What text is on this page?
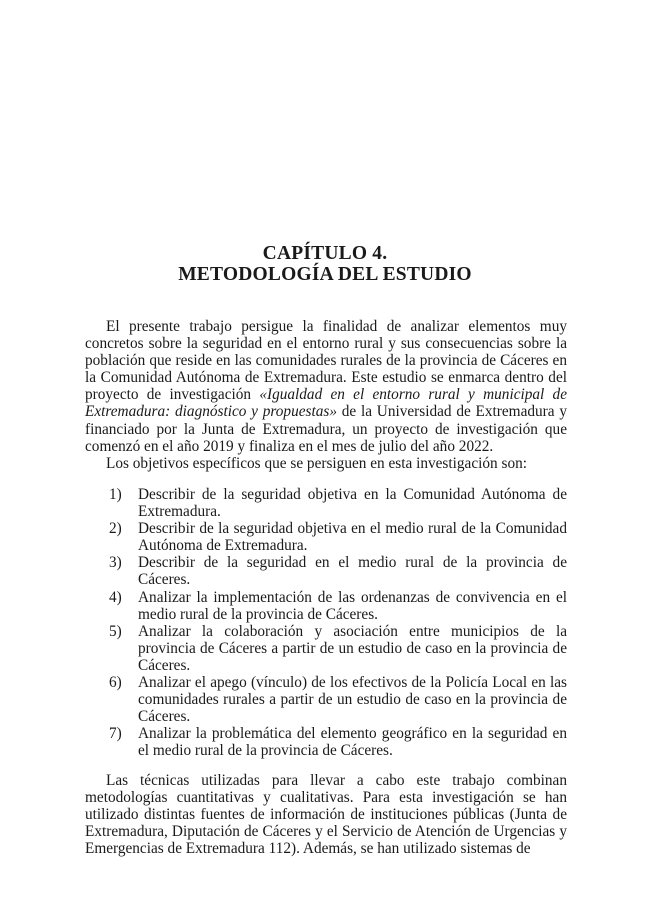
CAPÍTULO 4.
METODOLOGÍA DEL ESTUDIO

El presente trabajo persigue la finalidad de analizar elementos muy concretos sobre la seguridad en el entorno rural y sus consecuencias sobre la población que reside en las comunidades rurales de la provincia de Cáceres en la Comunidad Autónoma de Extremadura. Este estudio se enmarca dentro del proyecto de investigación «Igualdad en el entorno rural y municipal de Extremadura: diagnóstico y propuestas» de la Universidad de Extremadura y financiado por la Junta de Extremadura, un proyecto de investigación que comenzó en el año 2019 y finaliza en el mes de julio del año 2022.

Los objetivos específicos que se persiguen en esta investigación son:

1) Describir de la seguridad objetiva en la Comunidad Autónoma de Extremadura.
2) Describir de la seguridad objetiva en el medio rural de la Comunidad Autónoma de Extremadura.
3) Describir de la seguridad en el medio rural de la provincia de Cáceres.
4) Analizar la implementación de las ordenanzas de convivencia en el medio rural de la provincia de Cáceres.
5) Analizar la colaboración y asociación entre municipios de la provincia de Cáceres a partir de un estudio de caso en la provincia de Cáceres.
6) Analizar el apego (vínculo) de los efectivos de la Policía Local en las comunidades rurales a partir de un estudio de caso en la provincia de Cáceres.
7) Analizar la problemática del elemento geográfico en la seguridad en el medio rural de la provincia de Cáceres.

Las técnicas utilizadas para llevar a cabo este trabajo combinan metodologías cuantitativas y cualitativas. Para esta investigación se han utilizado distintas fuentes de información de instituciones públicas (Junta de Extremadura, Diputación de Cáceres y el Servicio de Atención de Urgencias y Emergencias de Extremadura 112). Además, se han utilizado sistemas de
